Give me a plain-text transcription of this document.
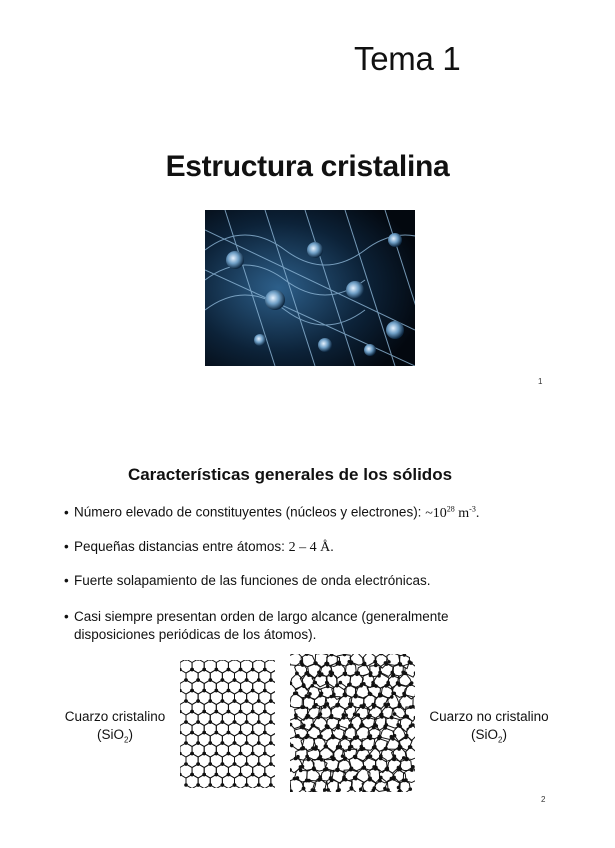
Tema 1
Estructura cristalina
1
Características generales de los sólidos
• Número elevado de constituyentes (núcleos y electrones): $\sim 10^{28}$ $m^{-3}$.
• Pequeñas distancias entre átomos: 2 – 4 Å.
• Fuerte solapamiento de las funciones de onda electrónicas.
• Casi siempre presentan orden de largo alcance (generalmente
disposiciones periódicas de los átomos).
Cuarzo cristalino
(SiO$_2$)
Cuarzo no cristalino
(SiO$_2$)
2
